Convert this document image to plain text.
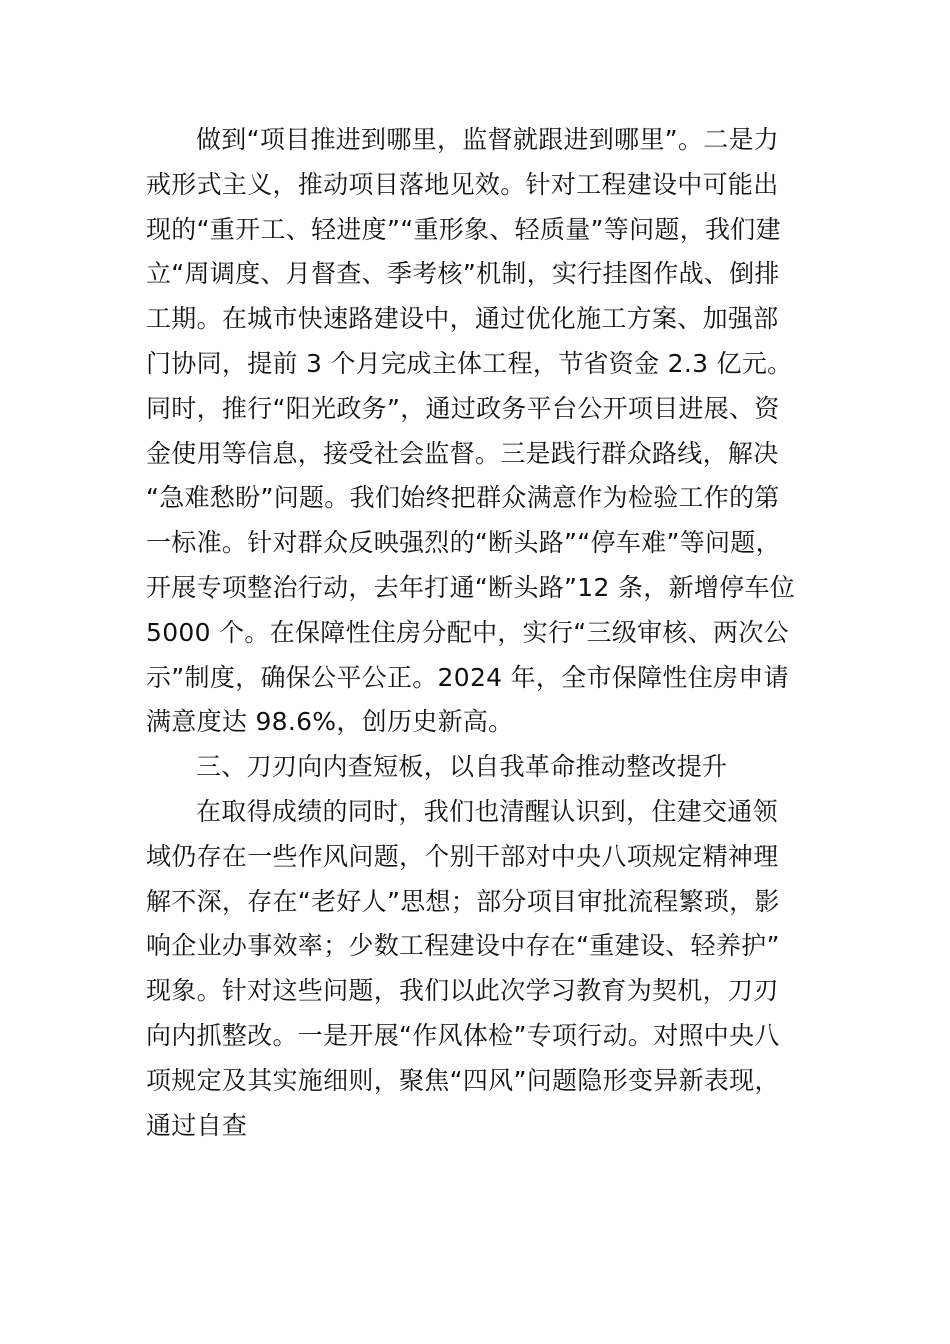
做到“项目推进到哪里，监督就跟进到哪里”。二是力
戒形式主义，推动项目落地见效。针对工程建设中可能出
现的“重开工、轻进度”“重形象、轻质量”等问题，我们建
立“周调度、月督查、季考核”机制，实行挂图作战、倒排
工期。在城市快速路建设中，通过优化施工方案、加强部
门协同，提前 3 个月完成主体工程，节省资金 2.3 亿元。
同时，推行“阳光政务”，通过政务平台公开项目进展、资
金使用等信息，接受社会监督。三是践行群众路线，解决
“急难愁盼”问题。我们始终把群众满意作为检验工作的第
一标准。针对群众反映强烈的“断头路”“停车难”等问题，
开展专项整治行动，去年打通“断头路”12 条，新增停车位
5000 个。在保障性住房分配中，实行“三级审核、两次公
示”制度，确保公平公正。2024 年，全市保障性住房申请
满意度达 98.6%，创历史新高。
三、刀刃向内查短板，以自我革命推动整改提升
在取得成绩的同时，我们也清醒认识到，住建交通领
域仍存在一些作风问题，个别干部对中央八项规定精神理
解不深，存在“老好人”思想；部分项目审批流程繁琐，影
响企业办事效率；少数工程建设中存在“重建设、轻养护”
现象。针对这些问题，我们以此次学习教育为契机，刀刃
向内抓整改。一是开展“作风体检”专项行动。对照中央八
项规定及其实施细则，聚焦“四风”问题隐形变异新表现，
通过自查
